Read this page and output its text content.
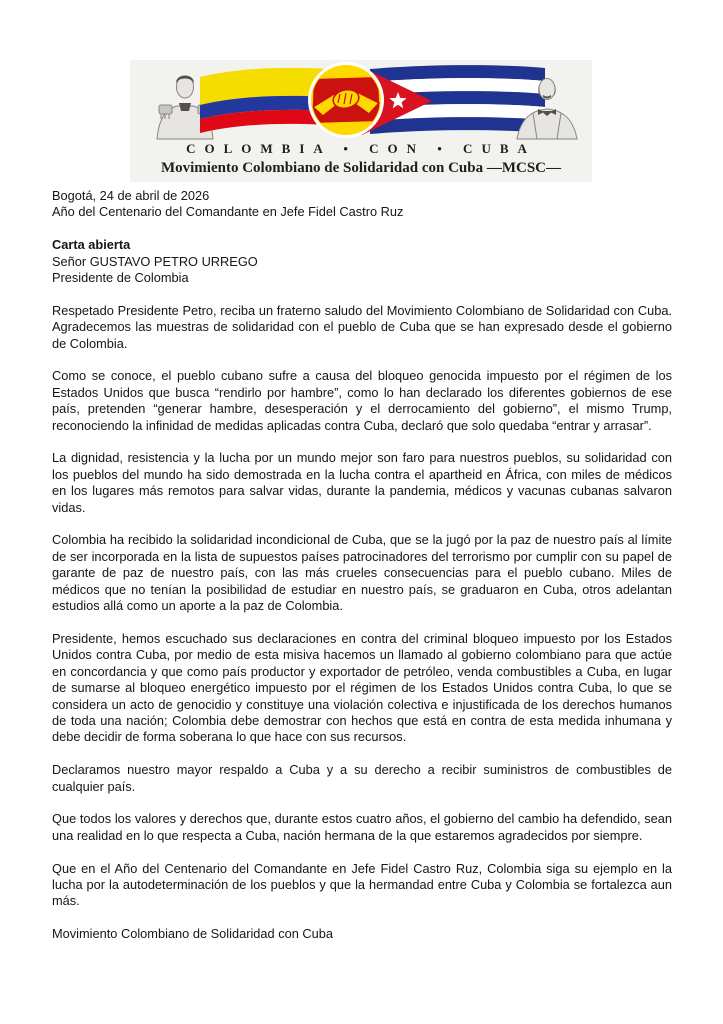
COLOMBIA • CON • CUBA
Movimiento Colombiano de Solidaridad con Cuba —MCSC—
Bogotá, 24 de abril de 2026
Año del Centenario del Comandante en Jefe Fidel Castro Ruz
Carta abierta
Señor GUSTAVO PETRO URREGO
Presidente de Colombia

Respetado Presidente Petro, reciba un fraterno saludo del Movimiento Colombiano de Solidaridad con Cuba. Agradecemos las muestras de solidaridad con el pueblo de Cuba que se han expresado desde el gobierno de Colombia.

Como se conoce, el pueblo cubano sufre a causa del bloqueo genocida impuesto por el régimen de los Estados Unidos que busca “rendirlo por hambre”, como lo han declarado los diferentes gobiernos de ese país, pretenden “generar hambre, desesperación y el derrocamiento del gobierno”, el mismo Trump, reconociendo la infinidad de medidas aplicadas contra Cuba, declaró que solo quedaba “entrar y arrasar”.

La dignidad, resistencia y la lucha por un mundo mejor son faro para nuestros pueblos, su solidaridad con los pueblos del mundo ha sido demostrada en la lucha contra el apartheid en África, con miles de médicos en los lugares más remotos para salvar vidas, durante la pandemia, médicos y vacunas cubanas salvaron vidas.

Colombia ha recibido la solidaridad incondicional de Cuba, que se la jugó por la paz de nuestro país al límite de ser incorporada en la lista de supuestos países patrocinadores del terrorismo por cumplir con su papel de garante de paz de nuestro país, con las más crueles consecuencias para el pueblo cubano. Miles de médicos que no tenían la posibilidad de estudiar en nuestro país, se graduaron en Cuba, otros adelantan estudios allá como un aporte a la paz de Colombia.

Presidente, hemos escuchado sus declaraciones en contra del criminal bloqueo impuesto por los Estados Unidos contra Cuba, por medio de esta misiva hacemos un llamado al gobierno colombiano para que actúe en concordancia y que como país productor y exportador de petróleo, venda combustibles a Cuba, en lugar de sumarse al bloqueo energético impuesto por el régimen de los Estados Unidos contra Cuba, lo que se considera un acto de genocidio y constituye una violación colectiva e injustificada de los derechos humanos de toda una nación; Colombia debe demostrar con hechos que está en contra de esta medida inhumana y debe decidir de forma soberana lo que hace con sus recursos.

Declaramos nuestro mayor respaldo a Cuba y a su derecho a recibir suministros de combustibles de cualquier país.

Que todos los valores y derechos que, durante estos cuatro años, el gobierno del cambio ha defendido, sean una realidad en lo que respecta a Cuba, nación hermana de la que estaremos agradecidos por siempre.

Que en el Año del Centenario del Comandante en Jefe Fidel Castro Ruz, Colombia siga su ejemplo en la lucha por la autodeterminación de los pueblos y que la hermandad entre Cuba y Colombia se fortalezca aun más.

Movimiento Colombiano de Solidaridad con Cuba
